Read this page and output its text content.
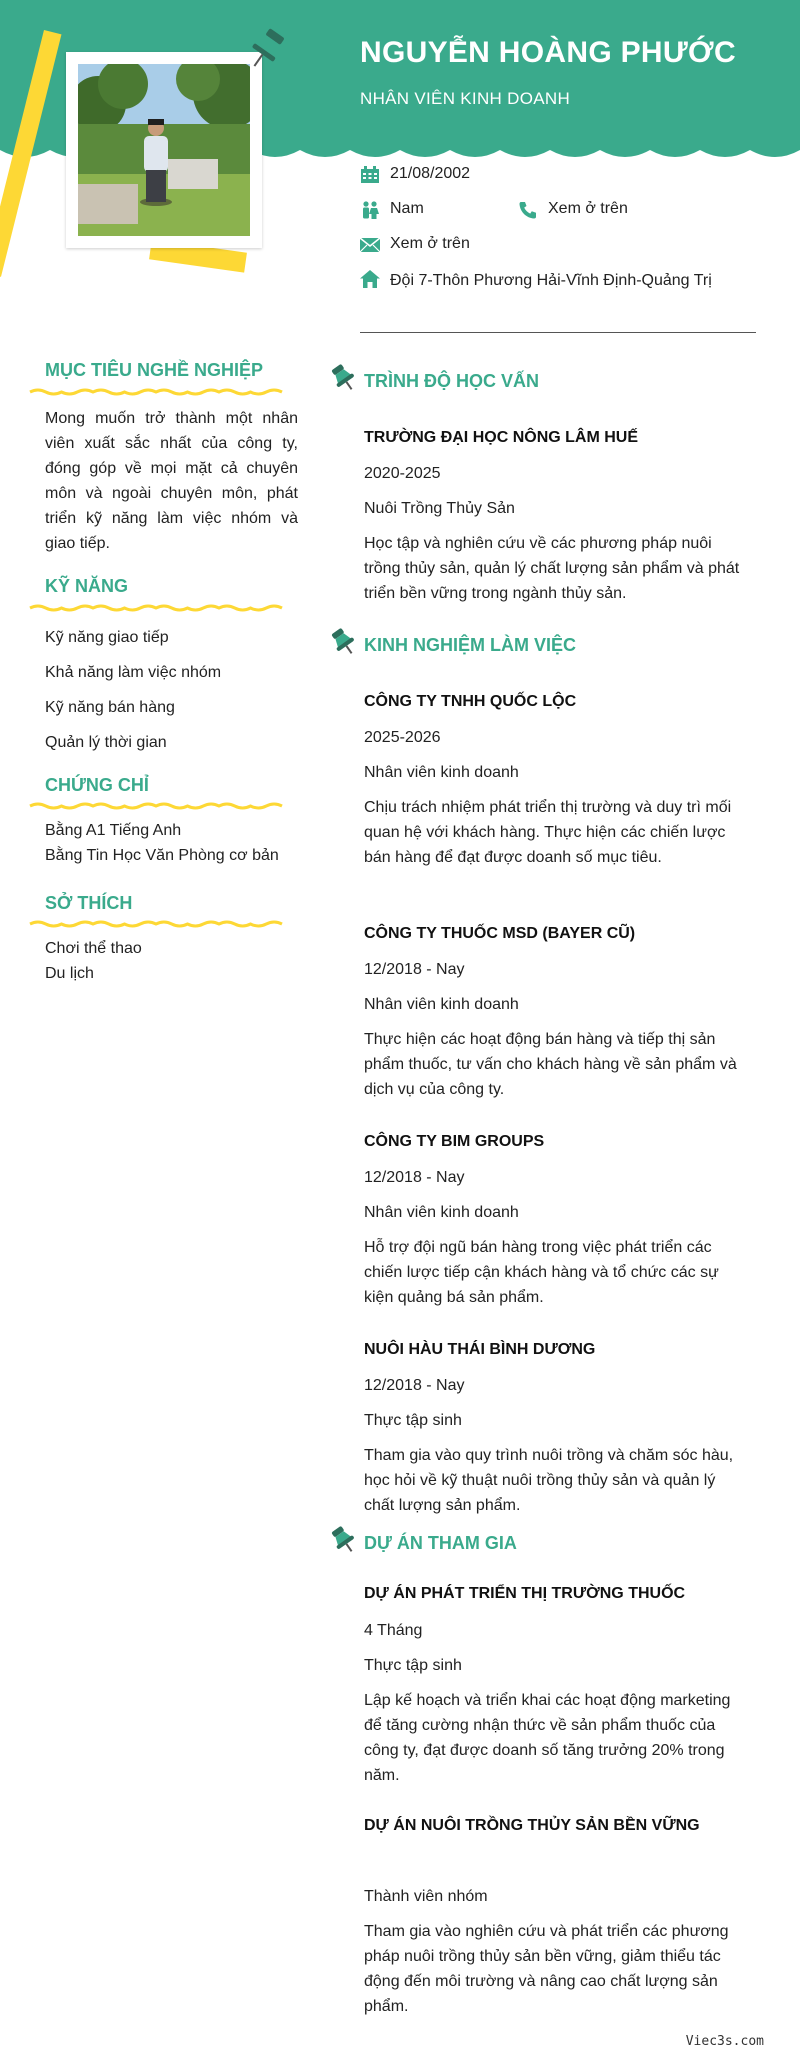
NGUYỄN HOÀNG PHƯỚC
NHÂN VIÊN KINH DOANH
21/08/2002
Nam	Xem ở trên
Xem ở trên
Đội 7-Thôn Phương Hải-Vĩnh Định-Quảng Trị
MỤC TIÊU NGHỀ NGHIỆP
Mong muốn trở thành một nhân viên xuất sắc nhất của công ty, đóng góp về mọi mặt cả chuyên môn và ngoài chuyên môn, phát triển kỹ năng làm việc nhóm và giao tiếp.
KỸ NĂNG
Kỹ năng giao tiếp
Khả năng làm việc nhóm
Kỹ năng bán hàng
Quản lý thời gian
CHỨNG CHỈ
Bằng A1 Tiếng Anh
Bằng Tin Học Văn Phòng cơ bản
SỞ THÍCH
Chơi thể thao
Du lịch
TRÌNH ĐỘ HỌC VẤN
TRƯỜNG ĐẠI HỌC NÔNG LÂM HUẾ
2020-2025
Nuôi Trồng Thủy Sản
Học tập và nghiên cứu về các phương pháp nuôi trồng thủy sản, quản lý chất lượng sản phẩm và phát triển bền vững trong ngành thủy sản.
KINH NGHIỆM LÀM VIỆC
CÔNG TY TNHH QUỐC LỘC
2025-2026
Nhân viên kinh doanh
Chịu trách nhiệm phát triển thị trường và duy trì mối quan hệ với khách hàng. Thực hiện các chiến lược bán hàng để đạt được doanh số mục tiêu.
CÔNG TY THUỐC MSD (BAYER CŨ)
12/2018 - Nay
Nhân viên kinh doanh
Thực hiện các hoạt động bán hàng và tiếp thị sản phẩm thuốc, tư vấn cho khách hàng về sản phẩm và dịch vụ của công ty.
CÔNG TY BIM GROUPS
12/2018 - Nay
Nhân viên kinh doanh
Hỗ trợ đội ngũ bán hàng trong việc phát triển các chiến lược tiếp cận khách hàng và tổ chức các sự kiện quảng bá sản phẩm.
NUÔI HÀU THÁI BÌNH DƯƠNG
12/2018 - Nay
Thực tập sinh
Tham gia vào quy trình nuôi trồng và chăm sóc hàu, học hỏi về kỹ thuật nuôi trồng thủy sản và quản lý chất lượng sản phẩm.
DỰ ÁN THAM GIA
DỰ ÁN PHÁT TRIỂN THỊ TRƯỜNG THUỐC
4 Tháng
Thực tập sinh
Lập kế hoạch và triển khai các hoạt động marketing để tăng cường nhận thức về sản phẩm thuốc của công ty, đạt được doanh số tăng trưởng 20% trong năm.
DỰ ÁN NUÔI TRỒNG THỦY SẢN BỀN VỮNG
Thành viên nhóm
Tham gia vào nghiên cứu và phát triển các phương pháp nuôi trồng thủy sản bền vững, giảm thiểu tác động đến môi trường và nâng cao chất lượng sản phẩm.
Viec3s.com
